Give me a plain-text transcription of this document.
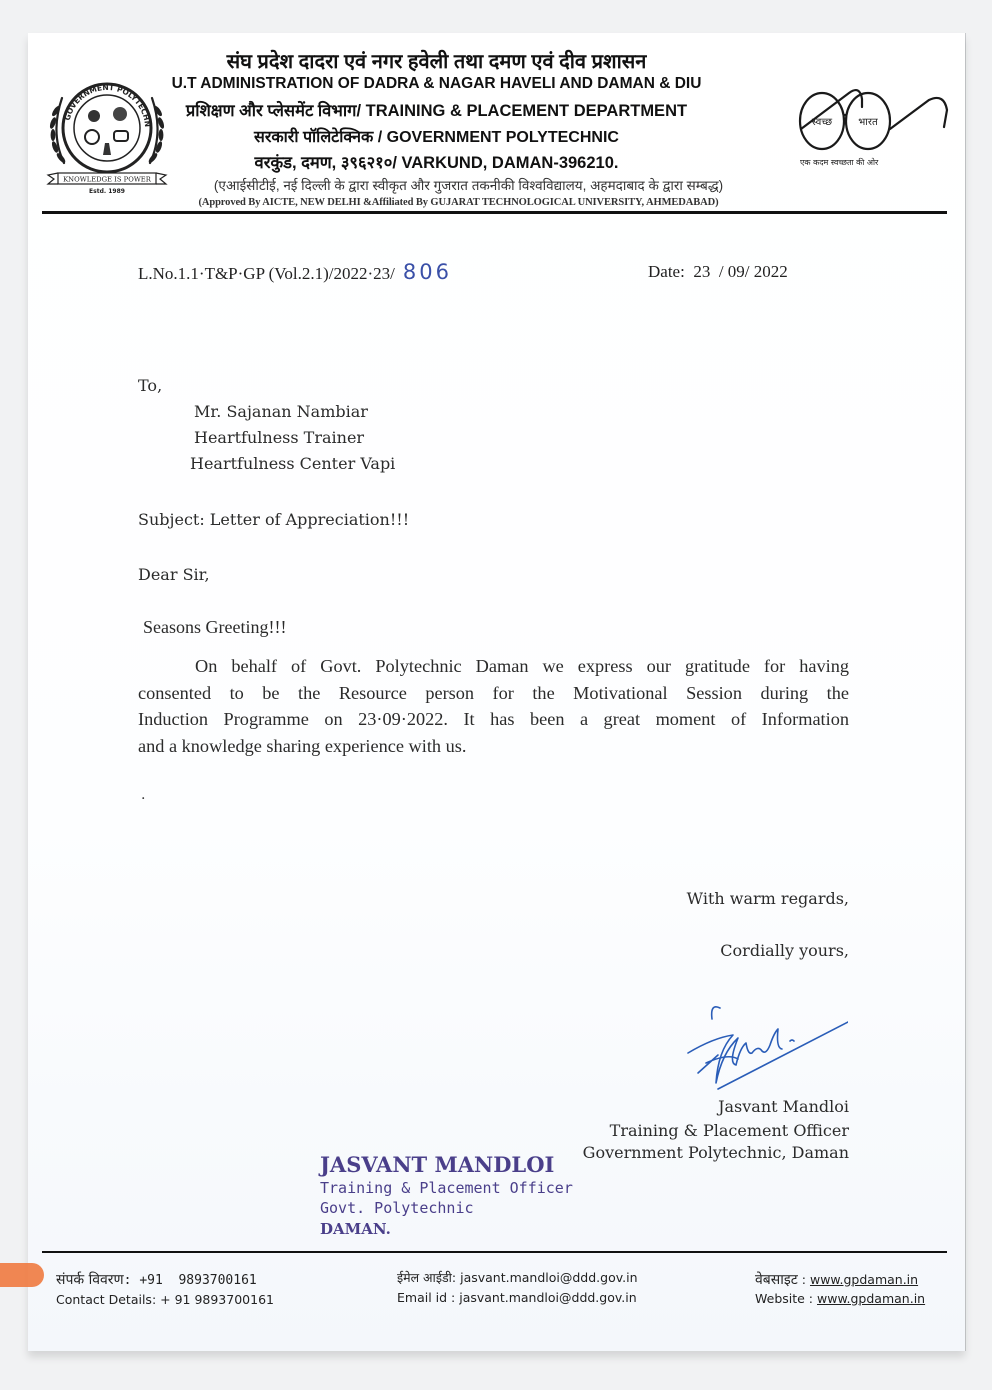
GOVERNMENT POLYTECHN
KNOWLEDGE IS POWER
Estd. 1989
स्वच्छ	भारत
एक कदम स्वच्छता की ओर
संघ प्रदेश दादरा एवं नगर हवेली तथा दमण एवं दीव प्रशासन
U.T ADMINISTRATION OF DADRA & NAGAR HAVELI AND DAMAN & DIU
प्रशिक्षण और प्लेसमेंट विभाग/ TRAINING & PLACEMENT DEPARTMENT
सरकारी पॉलिटेक्निक / GOVERNMENT POLYTECHNIC
वरकुंड, दमण, ३९६२१०/ VARKUND, DAMAN-396210.
(एआईसीटीई, नई दिल्ली के द्वारा स्वीकृत और गुजरात तकनीकी विश्वविद्यालय, अहमदाबाद के द्वारा सम्बद्ध)
(Approved By AICTE, NEW DELHI &Affiliated By GUJARAT TECHNOLOGICAL UNIVERSITY, AHMEDABAD)
L.No.1.1·T&P·GP (Vol.2.1)/2022·23/ 806	Date:  23  / 09/ 2022
To,
Mr. Sajanan Nambiar
Heartfulness Trainer
Heartfulness Center Vapi
Subject: Letter of Appreciation!!!
Dear Sir,
Seasons Greeting!!!
On behalf of Govt. Polytechnic Daman we express our gratitude for having
consented to be the Resource person for the Motivational Session during the
Induction Programme on 23·09·2022. It has been a great moment of Information
and a knowledge sharing experience with us.
.
With warm regards,
Cordially yours,
Jasvant Mandloi
Training & Placement Officer
Government Polytechnic, Daman
JASVANT MANDLOI
Training & Placement Officer
Govt. Polytechnic
DAMAN.
संपर्क विवरण: +91  9893700161
Contact Details: + 91 9893700161
ईमेल आईडी: jasvant.mandloi@ddd.gov.in
Email id : jasvant.mandloi@ddd.gov.in
वेबसाइट : www.gpdaman.in
Website : www.gpdaman.in
